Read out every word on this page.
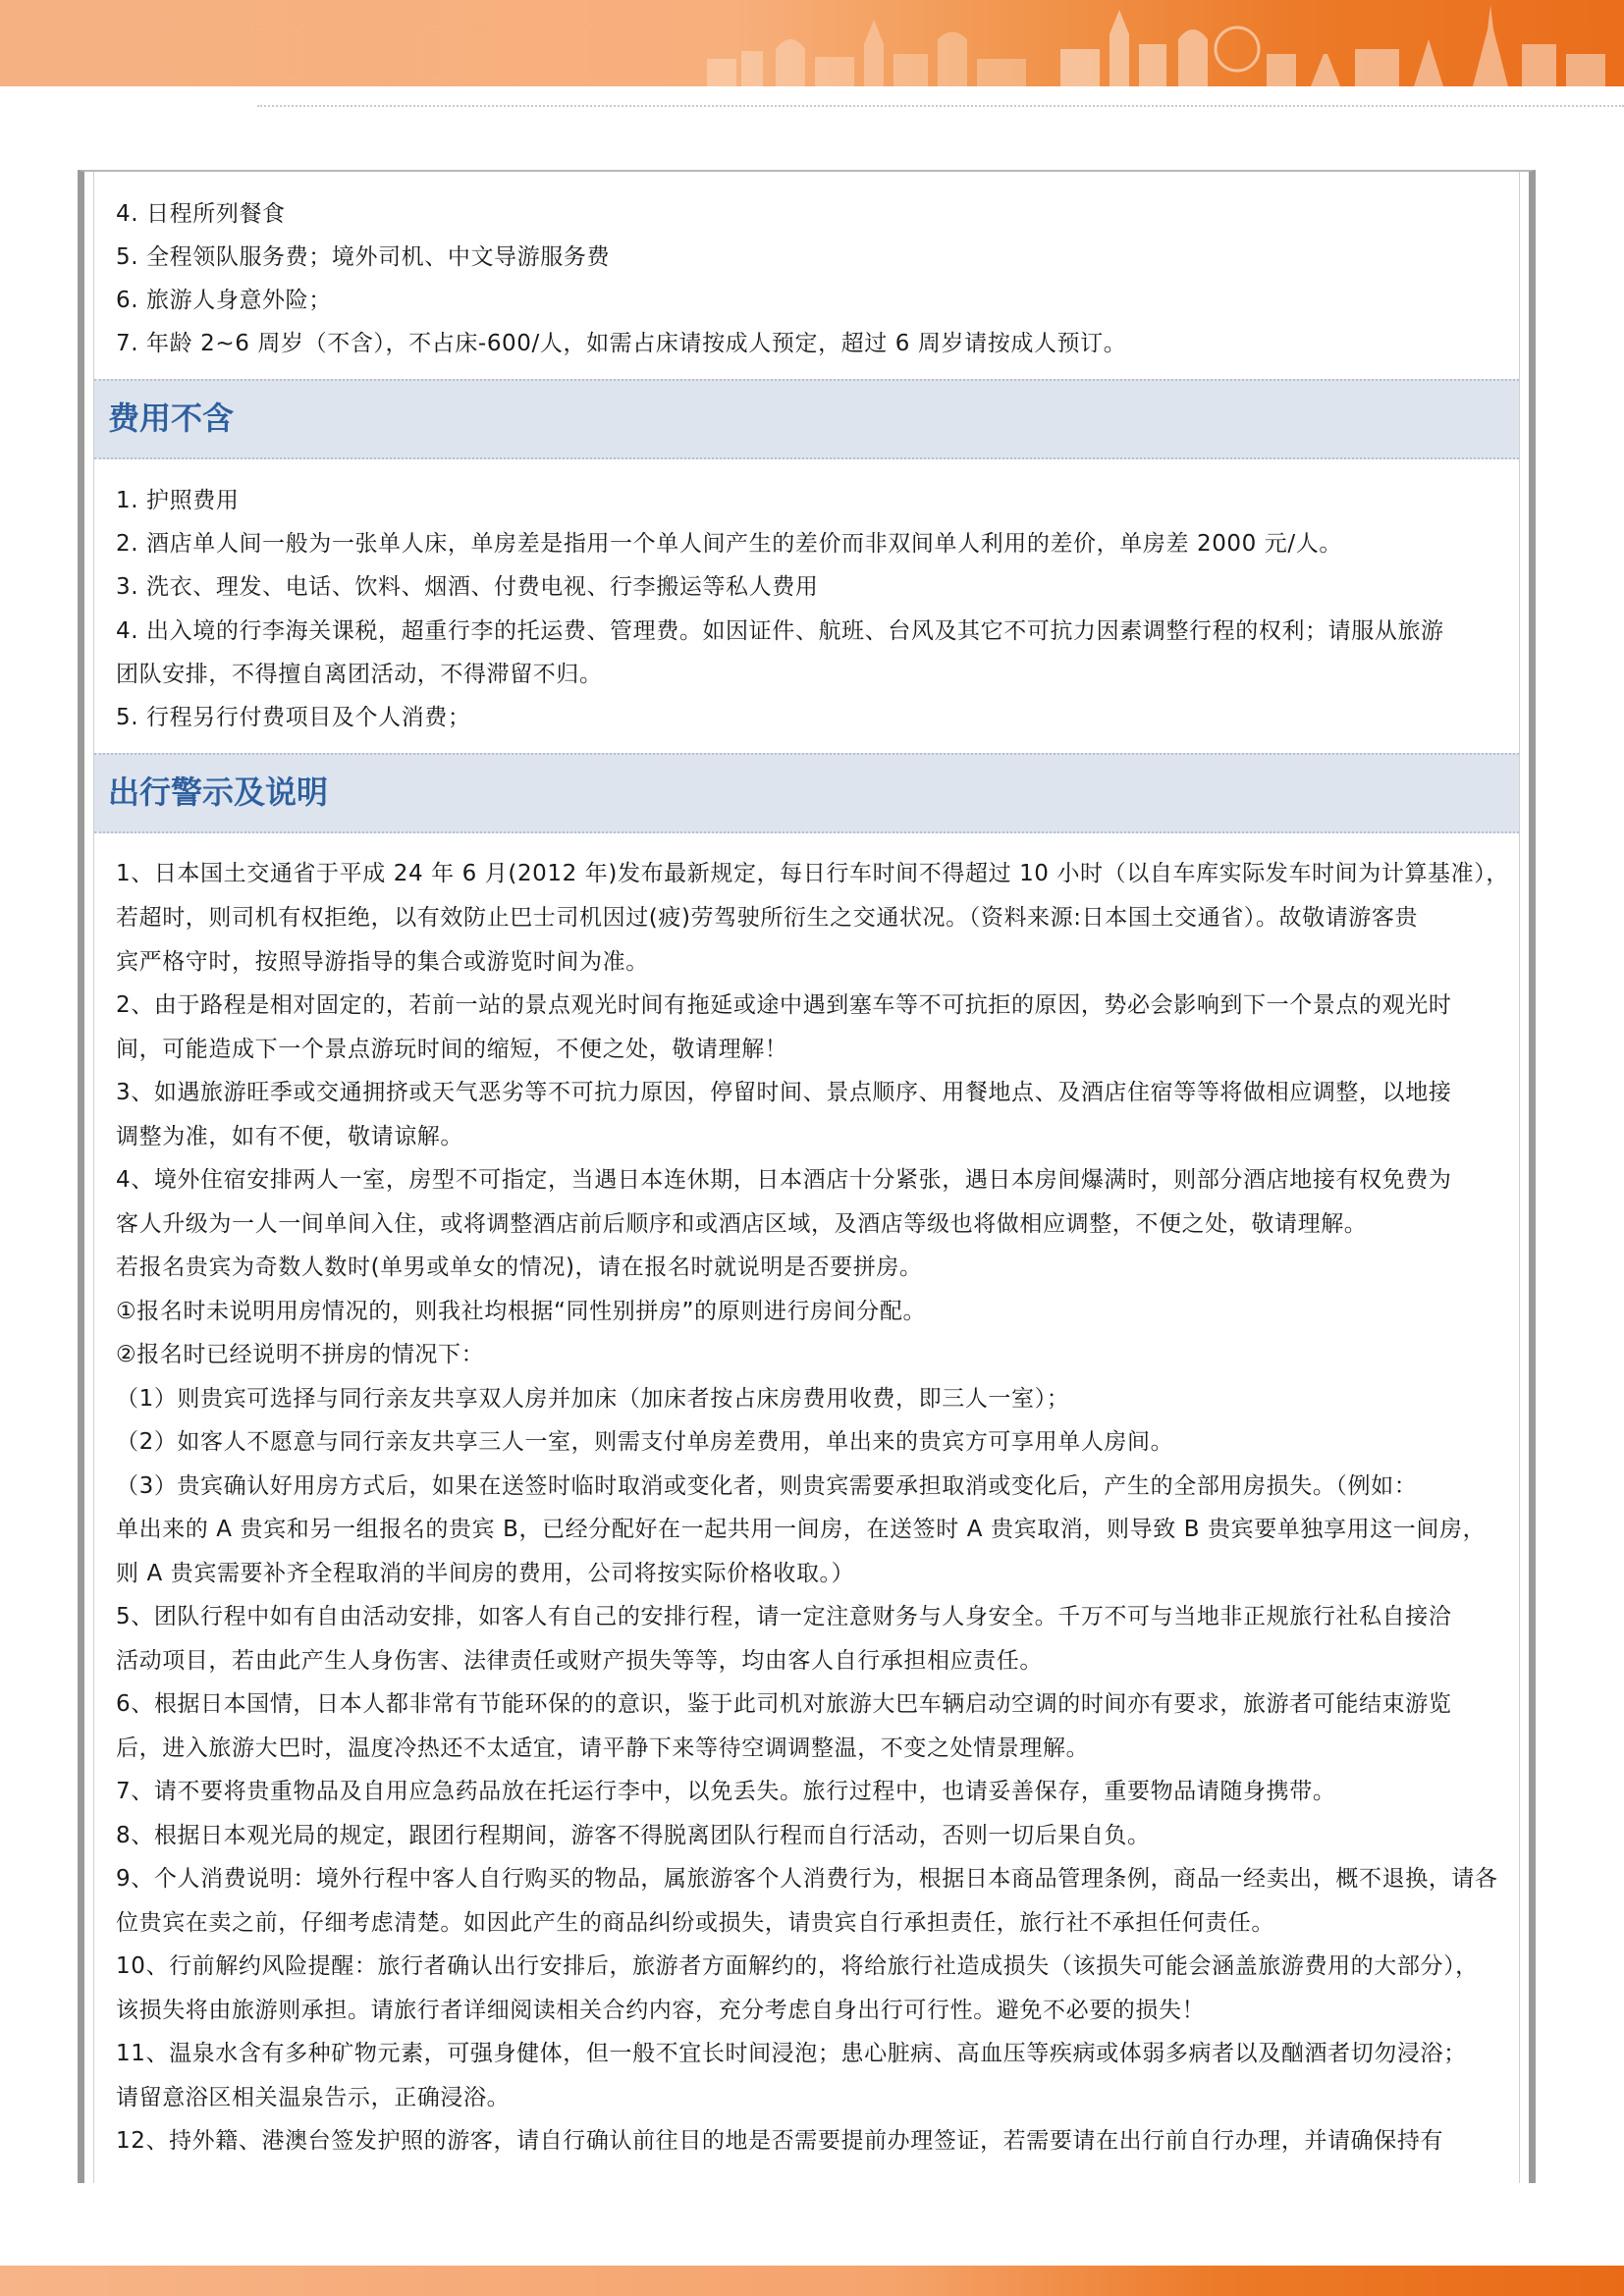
4. 日程所列餐食
5. 全程领队服务费；境外司机、中文导游服务费
6. 旅游人身意外险；
7. 年龄 2~6 周岁（不含），不占床-600/人，如需占床请按成人预定，超过 6 周岁请按成人预订。
费用不含
1. 护照费用
2. 酒店单人间一般为一张单人床，单房差是指用一个单人间产生的差价而非双间单人利用的差价，单房差 2000 元/人。
3. 洗衣、理发、电话、饮料、烟酒、付费电视、行李搬运等私人费用
4. 出入境的行李海关课税，超重行李的托运费、管理费。如因证件、航班、台风及其它不可抗力因素调整行程的权利；请服从旅游
团队安排，不得擅自离团活动，不得滞留不归。
5. 行程另行付费项目及个人消费；
出行警示及说明
1、日本国土交通省于平成 24 年 6 月(2012 年)发布最新规定，每日行车时间不得超过 10 小时（以自车库实际发车时间为计算基准），
若超时，则司机有权拒绝，以有效防止巴士司机因过(疲)劳驾驶所衍生之交通状况。（资料来源:日本国土交通省）。故敬请游客贵
宾严格守时，按照导游指导的集合或游览时间为准。
2、由于路程是相对固定的，若前一站的景点观光时间有拖延或途中遇到塞车等不可抗拒的原因，势必会影响到下一个景点的观光时
间，可能造成下一个景点游玩时间的缩短，不便之处，敬请理解！
3、如遇旅游旺季或交通拥挤或天气恶劣等不可抗力原因，停留时间、景点顺序、用餐地点、及酒店住宿等等将做相应调整，以地接
调整为准，如有不便，敬请谅解。
4、境外住宿安排两人一室，房型不可指定，当遇日本连休期，日本酒店十分紧张，遇日本房间爆满时，则部分酒店地接有权免费为
客人升级为一人一间单间入住，或将调整酒店前后顺序和或酒店区域，及酒店等级也将做相应调整，不便之处，敬请理解。
若报名贵宾为奇数人数时(单男或单女的情况)，请在报名时就说明是否要拼房。
①报名时未说明用房情况的，则我社均根据“同性别拼房”的原则进行房间分配。
②报名时已经说明不拼房的情况下：
（1）则贵宾可选择与同行亲友共享双人房并加床（加床者按占床房费用收费，即三人一室）；
（2）如客人不愿意与同行亲友共享三人一室，则需支付单房差费用，单出来的贵宾方可享用单人房间。
（3）贵宾确认好用房方式后，如果在送签时临时取消或变化者，则贵宾需要承担取消或变化后，产生的全部用房损失。（例如：
单出来的 A 贵宾和另一组报名的贵宾 B，已经分配好在一起共用一间房，在送签时 A 贵宾取消，则导致 B 贵宾要单独享用这一间房，
则 A 贵宾需要补齐全程取消的半间房的费用，公司将按实际价格收取。）
5、团队行程中如有自由活动安排，如客人有自己的安排行程，请一定注意财务与人身安全。千万不可与当地非正规旅行社私自接洽
活动项目，若由此产生人身伤害、法律责任或财产损失等等，均由客人自行承担相应责任。
6、根据日本国情，日本人都非常有节能环保的的意识，鉴于此司机对旅游大巴车辆启动空调的时间亦有要求，旅游者可能结束游览
后，进入旅游大巴时，温度冷热还不太适宜，请平静下来等待空调调整温，不变之处情景理解。
7、请不要将贵重物品及自用应急药品放在托运行李中，以免丢失。旅行过程中，也请妥善保存，重要物品请随身携带。
8、根据日本观光局的规定，跟团行程期间，游客不得脱离团队行程而自行活动，否则一切后果自负。
9、个人消费说明：境外行程中客人自行购买的物品，属旅游客个人消费行为，根据日本商品管理条例，商品一经卖出，概不退换，请各
位贵宾在卖之前，仔细考虑清楚。如因此产生的商品纠纷或损失，请贵宾自行承担责任，旅行社不承担任何责任。
10、行前解约风险提醒：旅行者确认出行安排后，旅游者方面解约的，将给旅行社造成损失（该损失可能会涵盖旅游费用的大部分），
该损失将由旅游则承担。请旅行者详细阅读相关合约内容，充分考虑自身出行可行性。避免不必要的损失！
11、温泉水含有多种矿物元素，可强身健体，但一般不宜长时间浸泡；患心脏病、高血压等疾病或体弱多病者以及酗酒者切勿浸浴；
请留意浴区相关温泉告示，正确浸浴。
12、持外籍、港澳台签发护照的游客，请自行确认前往目的地是否需要提前办理签证，若需要请在出行前自行办理，并请确保持有
